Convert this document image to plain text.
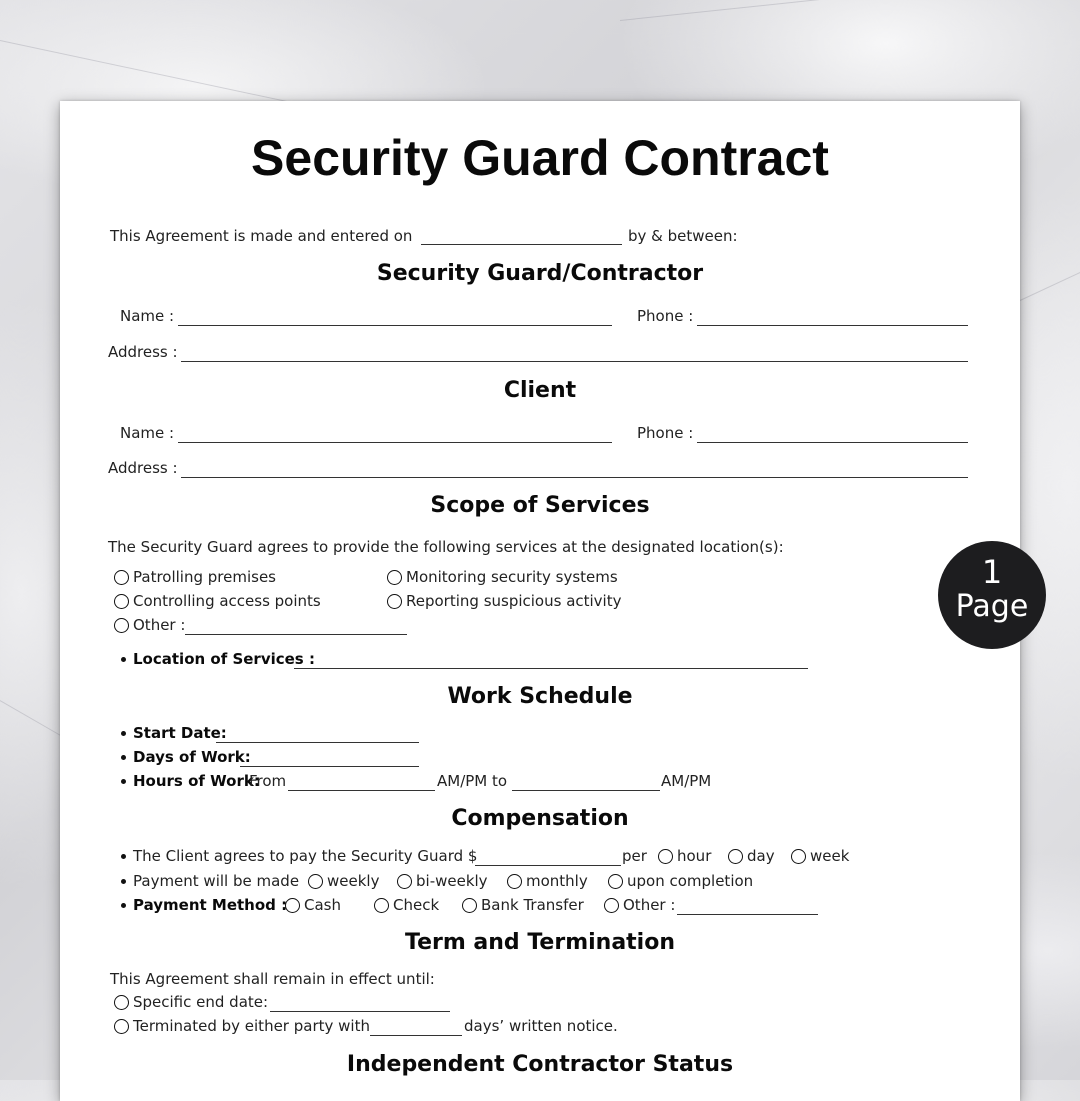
Security Guard Contract
This Agreement is made and entered on	by & between:
Security Guard/Contractor
Name :	Phone :
Address :
Client
Name :	Phone :
Address :
Scope of Services
The Security Guard agrees to provide the following services at the designated location(s):
Patrolling premises	Monitoring security systems
Controlling access points	Reporting suspicious activity
Other :
Location of Services :
Work Schedule
Start Date:
Days of Work:
Hours of Work:
From	AM/PM to	AM/PM
Compensation
The Client agrees to pay the Security Guard $	per hour day week
Payment will be made weekly bi-weekly	monthly	upon completion
Payment Method : Cash	Check	Bank Transfer	Other :
Term and Termination
This Agreement shall remain in effect until:
Specific end date:
Terminated by either party with	days’ written notice.
Independent Contractor Status
1
Page
